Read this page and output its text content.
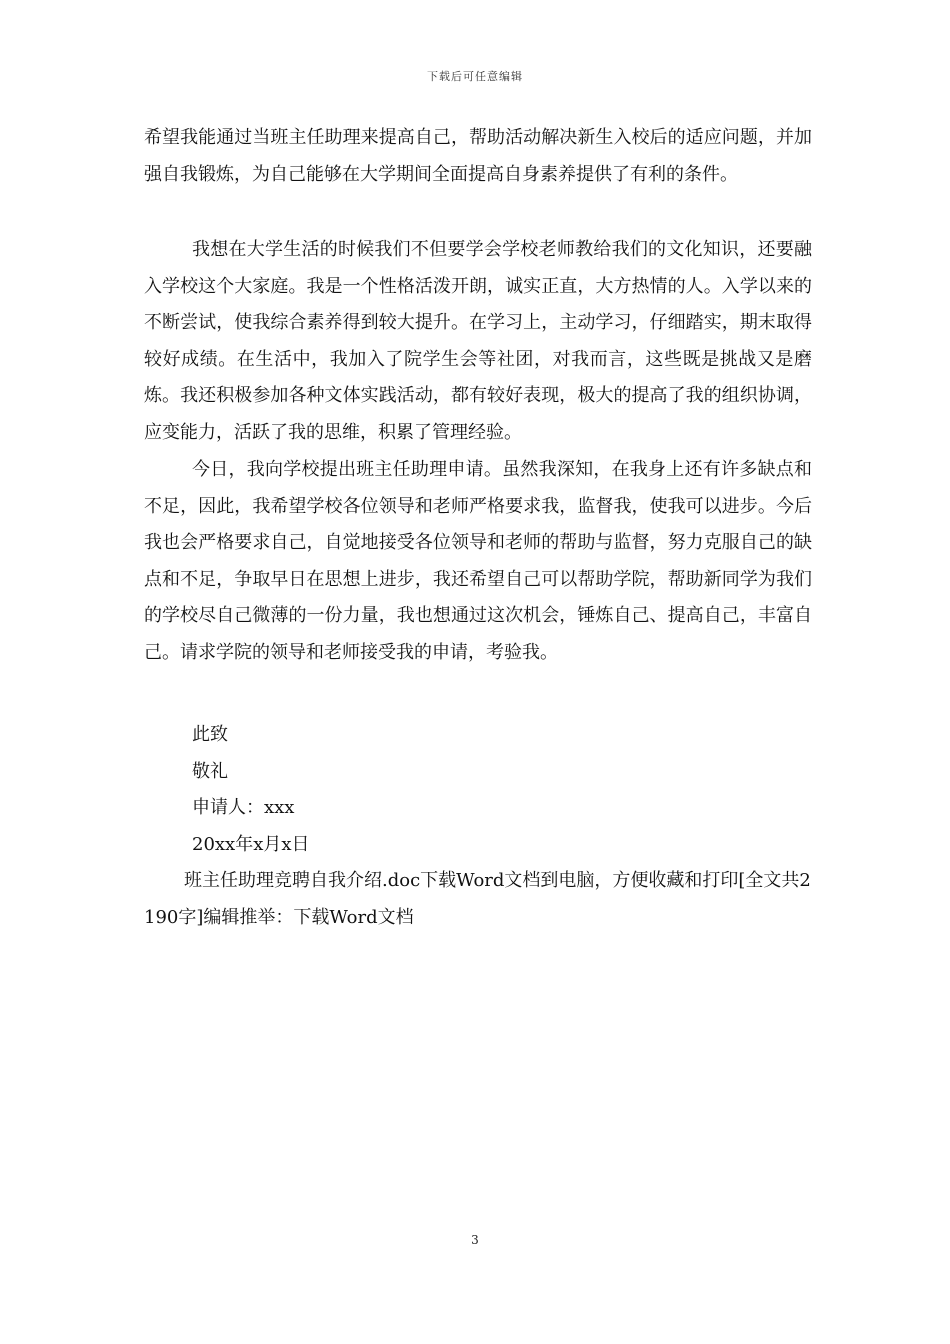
下载后可任意编辑

希望我能通过当班主任助理来提高自己，帮助活动解决新生入校后的适应问题，并加强自我锻炼，为自己能够在大学期间全面提高自身素养提供了有利的条件。

我想在大学生活的时候我们不但要学会学校老师教给我们的文化知识，还要融入学校这个大家庭。我是一个性格活泼开朗，诚实正直，大方热情的人。入学以来的不断尝试，使我综合素养得到较大提升。在学习上，主动学习，仔细踏实，期末取得较好成绩。在生活中，我加入了院学生会等社团，对我而言，这些既是挑战又是磨炼。我还积极参加各种文体实践活动，都有较好表现，极大的提高了我的组织协调，应变能力，活跃了我的思维，积累了管理经验。

今日，我向学校提出班主任助理申请。虽然我深知，在我身上还有许多缺点和不足，因此，我希望学校各位领导和老师严格要求我，监督我，使我可以进步。今后我也会严格要求自己，自觉地接受各位领导和老师的帮助与监督，努力克服自己的缺点和不足，争取早日在思想上进步，我还希望自己可以帮助学院，帮助新同学为我们的学校尽自己微薄的一份力量，我也想通过这次机会，锤炼自己、提高自己，丰富自己。请求学院的领导和老师接受我的申请，考验我。

此致

敬礼

申请人：xxx

20xx年x月x日

班主任助理竞聘自我介绍.doc下载Word文档到电脑，方便收藏和打印[全文共2190字]编辑推举：下载Word文档

3
